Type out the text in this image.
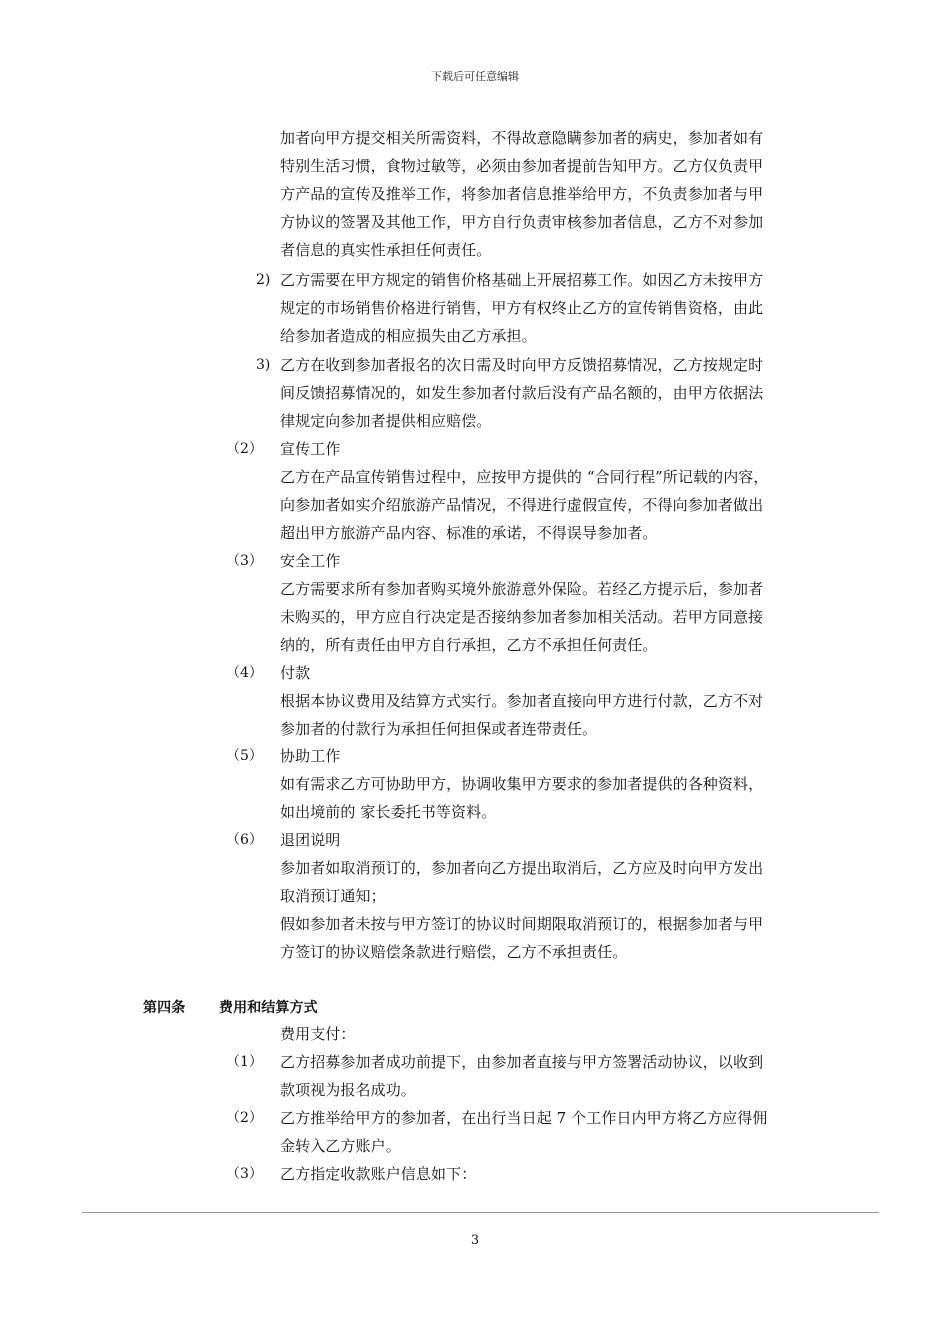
下载后可任意编辑
加者向甲方提交相关所需资料，不得故意隐瞒参加者的病史，参加者如有
特别生活习惯，食物过敏等，必须由参加者提前告知甲方。乙方仅负责甲
方产品的宣传及推举工作，将参加者信息推举给甲方，不负责参加者与甲
方协议的签署及其他工作，甲方自行负责审核参加者信息，乙方不对参加
者信息的真实性承担任何责任。
2) 乙方需要在甲方规定的销售价格基础上开展招募工作。如因乙方未按甲方
规定的市场销售价格进行销售，甲方有权终止乙方的宣传销售资格，由此
给参加者造成的相应损失由乙方承担。
3) 乙方在收到参加者报名的次日需及时向甲方反馈招募情况，乙方按规定时
间反馈招募情况的，如发生参加者付款后没有产品名额的，由甲方依据法
律规定向参加者提供相应赔偿。
（2） 宣传工作
乙方在产品宣传销售过程中，应按甲方提供的 “合同行程”所记载的内容，
向参加者如实介绍旅游产品情况，不得进行虚假宣传，不得向参加者做出
超出甲方旅游产品内容、标准的承诺，不得误导参加者。
（3） 安全工作
乙方需要求所有参加者购买境外旅游意外保险。若经乙方提示后，参加者
未购买的，甲方应自行决定是否接纳参加者参加相关活动。若甲方同意接
纳的，所有责任由甲方自行承担，乙方不承担任何责任。
（4） 付款
根据本协议费用及结算方式实行。参加者直接向甲方进行付款，乙方不对
参加者的付款行为承担任何担保或者连带责任。
（5） 协助工作
如有需求乙方可协助甲方，协调收集甲方要求的参加者提供的各种资料，
如出境前的 家长委托书等资料。
（6） 退团说明
参加者如取消预订的，参加者向乙方提出取消后，乙方应及时向甲方发出
取消预订通知；
假如参加者未按与甲方签订的协议时间期限取消预订的，根据参加者与甲
方签订的协议赔偿条款进行赔偿，乙方不承担责任。
第四条 费用和结算方式
费用支付：
（1） 乙方招募参加者成功前提下，由参加者直接与甲方签署活动协议，以收到
款项视为报名成功。
（2） 乙方推举给甲方的参加者，在出行当日起 7 个工作日内甲方将乙方应得佣
金转入乙方账户。
（3） 乙方指定收款账户信息如下：
3
